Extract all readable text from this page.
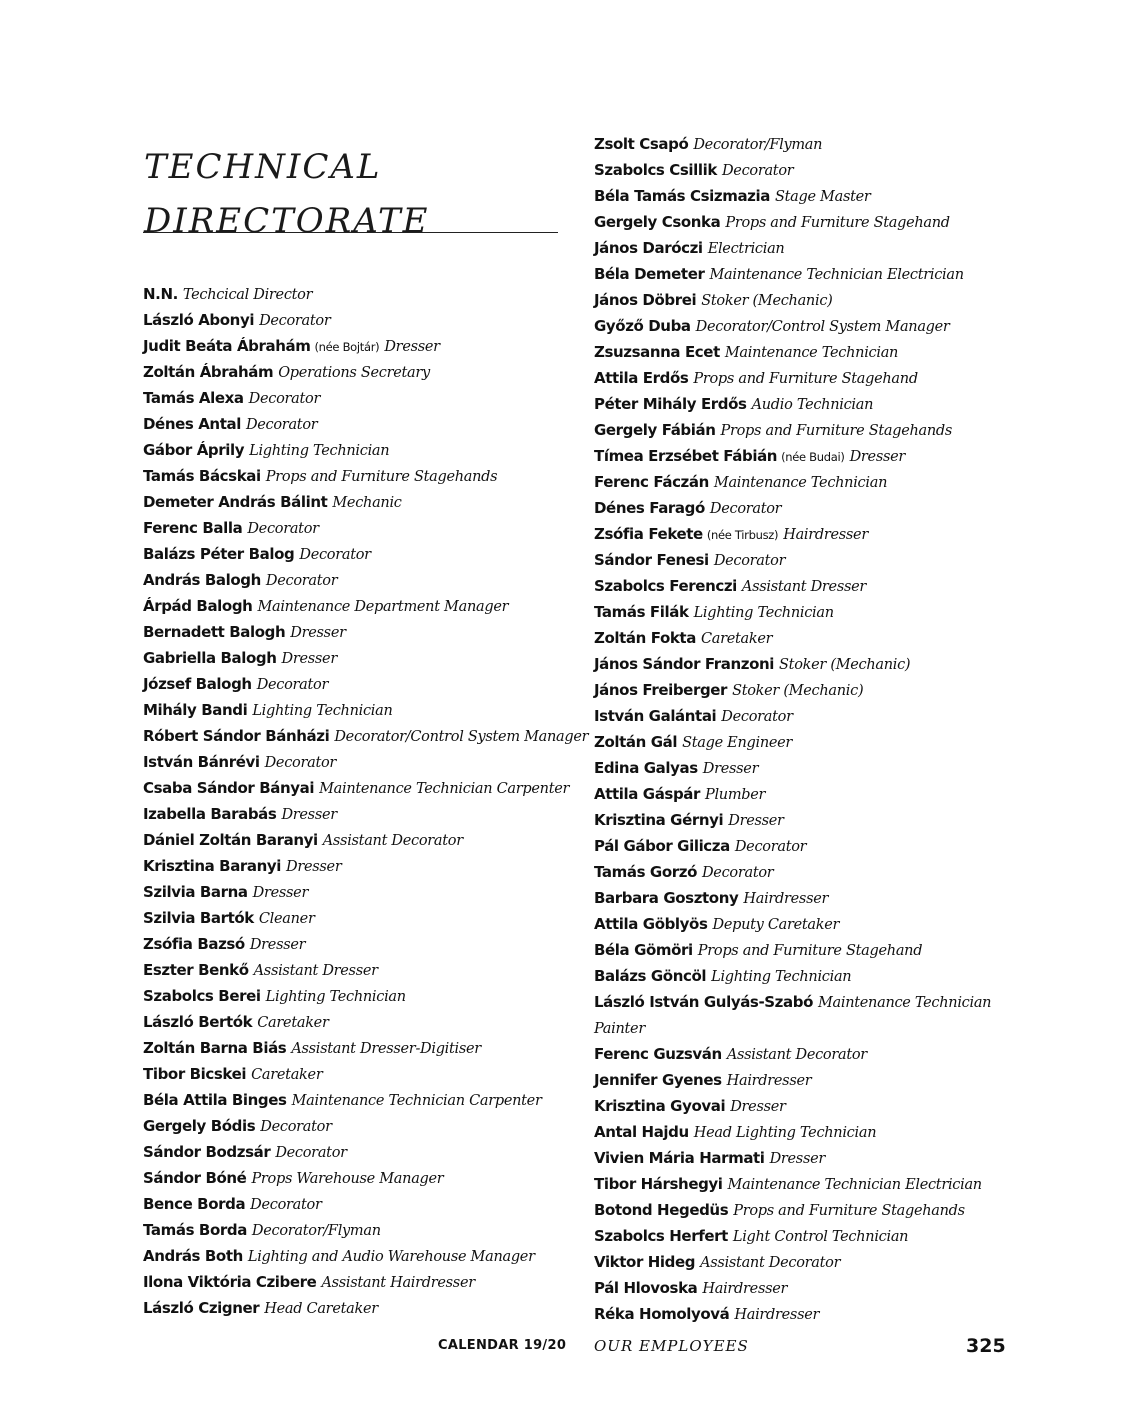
TECHNICAL
DIRECTORATE
N.N. Techcical Director
László Abonyi Decorator
Judit Beáta Ábrahám (née Bojtár) Dresser
Zoltán Ábrahám Operations Secretary
Tamás Alexa Decorator
Dénes Antal Decorator
Gábor Áprily Lighting Technician
Tamás Bácskai Props and Furniture Stagehands
Demeter András Bálint Mechanic
Ferenc Balla Decorator
Balázs Péter Balog Decorator
András Balogh Decorator
Árpád Balogh Maintenance Department Manager
Bernadett Balogh Dresser
Gabriella Balogh Dresser
József Balogh Decorator
Mihály Bandi Lighting Technician
Róbert Sándor Bánházi Decorator/Control System Manager
István Bánrévi Decorator
Csaba Sándor Bányai Maintenance Technician Carpenter
Izabella Barabás Dresser
Dániel Zoltán Baranyi Assistant Decorator
Krisztina Baranyi Dresser
Szilvia Barna Dresser
Szilvia Bartók Cleaner
Zsófia Bazsó Dresser
Eszter Benkő Assistant Dresser
Szabolcs Berei Lighting Technician
László Bertók Caretaker
Zoltán Barna Biás Assistant Dresser-Digitiser
Tibor Bicskei Caretaker
Béla Attila Binges Maintenance Technician Carpenter
Gergely Bódis Decorator
Sándor Bodzsár Decorator
Sándor Bóné Props Warehouse Manager
Bence Borda Decorator
Tamás Borda Decorator/Flyman
András Both Lighting and Audio Warehouse Manager
Ilona Viktória Czibere Assistant Hairdresser
László Czigner Head Caretaker
Zsolt Csapó Decorator/Flyman
Szabolcs Csillik Decorator
Béla Tamás Csizmazia Stage Master
Gergely Csonka Props and Furniture Stagehand
János Daróczi Electrician
Béla Demeter Maintenance Technician Electrician
János Döbrei Stoker (Mechanic)
Győző Duba Decorator/Control System Manager
Zsuzsanna Ecet Maintenance Technician
Attila Erdős Props and Furniture Stagehand
Péter Mihály Erdős Audio Technician
Gergely Fábián Props and Furniture Stagehands
Tímea Erzsébet Fábián (née Budai) Dresser
Ferenc Fáczán Maintenance Technician
Dénes Faragó Decorator
Zsófia Fekete (née Tirbusz) Hairdresser
Sándor Fenesi Decorator
Szabolcs Ferenczi Assistant Dresser
Tamás Filák Lighting Technician
Zoltán Fokta Caretaker
János Sándor Franzoni Stoker (Mechanic)
János Freiberger Stoker (Mechanic)
István Galántai Decorator
Zoltán Gál Stage Engineer
Edina Galyas Dresser
Attila Gáspár Plumber
Krisztina Gérnyi Dresser
Pál Gábor Gilicza Decorator
Tamás Gorzó Decorator
Barbara Gosztony Hairdresser
Attila Göblyös Deputy Caretaker
Béla Gömöri Props and Furniture Stagehand
Balázs Göncöl Lighting Technician
László István Gulyás-Szabó Maintenance Technician Painter
Ferenc Guzsván Assistant Decorator
Jennifer Gyenes Hairdresser
Krisztina Gyovai Dresser
Antal Hajdu Head Lighting Technician
Vivien Mária Harmati Dresser
Tibor Hárshegyi Maintenance Technician Electrician
Botond Hegedüs Props and Furniture Stagehands
Szabolcs Herfert Light Control Technician
Viktor Hideg Assistant Decorator
Pál Hlovoska Hairdresser
Réka Homolyová Hairdresser
CALENDAR 19/20 OUR EMPLOYEES	325
